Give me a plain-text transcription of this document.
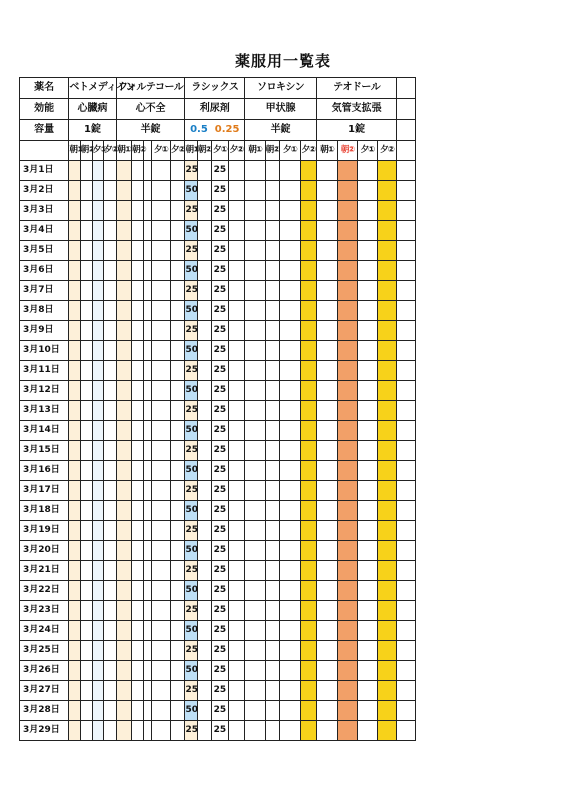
薬服用一覧表
薬名	ベトメディイン				フォルテコール					ラシックス				ソロキシン				テオドール				
効能	心臓病				心不全					利尿剤				甲状腺				気管支拡張				
容量	1錠				半錠					0.5 0.25				半錠				1錠				
	朝①	朝②	夕①	夕②	朝①	朝②		夕①	夕②	朝①	朝②	夕①	夕②	朝①	朝②	夕①	夕②	朝①	朝②	夕①	夕②	
3月1日										25		25										
3月2日										50		25										
3月3日										25		25										
3月4日										50		25										
3月5日										25		25										
3月6日										50		25										
3月7日										25		25										
3月8日										50		25										
3月9日										25		25										
3月10日										50		25										
3月11日										25		25										
3月12日										50		25										
3月13日										25		25										
3月14日										50		25										
3月15日										25		25										
3月16日										50		25										
3月17日										25		25										
3月18日										50		25										
3月19日										25		25										
3月20日										50		25										
3月21日										25		25										
3月22日										50		25										
3月23日										25		25										
3月24日										50		25										
3月25日										25		25										
3月26日										50		25										
3月27日										25		25										
3月28日										50		25										
3月29日										25		25										
